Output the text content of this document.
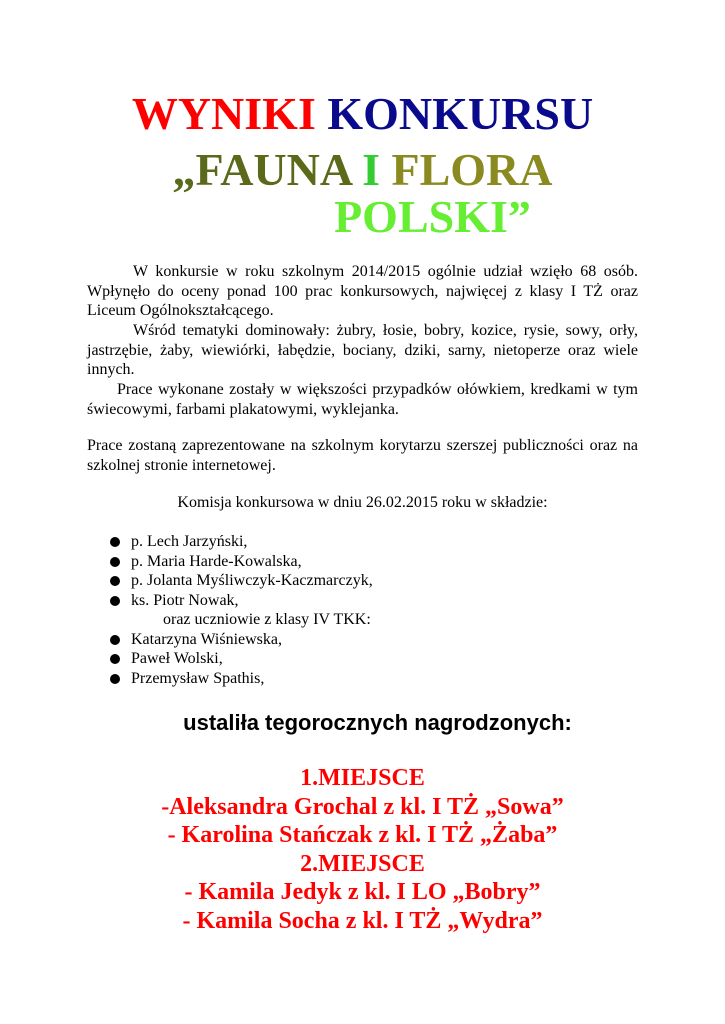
WYNIKI KONKURSU
„FAUNA I FLORA
POLSKI”
W konkursie w roku szkolnym 2014/2015 ogólnie udział wzięło 68 osób. Wpłynęło do oceny ponad 100 prac konkursowych, najwięcej z klasy I TŻ oraz Liceum Ogólnokształcącego.
Wśród tematyki dominowały: żubry, łosie, bobry, kozice, rysie, sowy, orły, jastrzębie, żaby, wiewiórki, łabędzie, bociany, dziki, sarny, nietoperze oraz wiele innych.
Prace wykonane zostały w większości przypadków ołówkiem, kredkami w tym świecowymi, farbami plakatowymi, wyklejanka.
Prace zostaną zaprezentowane na szkolnym korytarzu szerszej publiczności oraz na szkolnej stronie internetowej.
Komisja konkursowa w dniu 26.02.2015 roku w składzie:
p. Lech Jarzyński,
p. Maria Harde-Kowalska,
p. Jolanta Myśliwczyk-Kaczmarczyk,
ks. Piotr Nowak,
oraz uczniowie z klasy IV TKK:
Katarzyna Wiśniewska,
Paweł Wolski,
Przemysław Spathis,
ustaliła tegorocznych nagrodzonych:
1.MIEJSCE
-Aleksandra Grochal z kl. I TŻ „Sowa”
- Karolina Stańczak z kl. I TŻ „Żaba”
2.MIEJSCE
- Kamila Jedyk z kl. I LO „Bobry”
- Kamila Socha z kl. I TŻ „Wydra”
